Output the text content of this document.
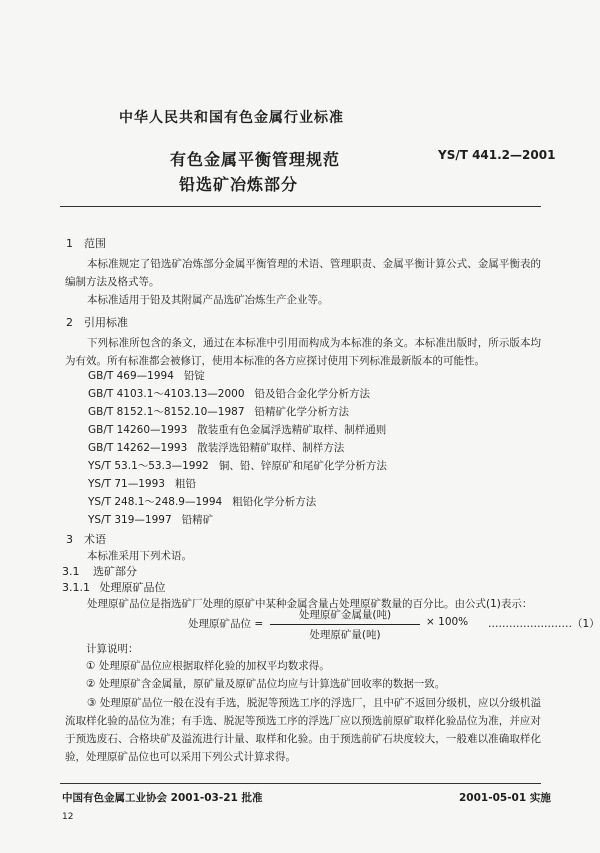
中华人民共和国有色金属行业标准
有色金属平衡管理规范
铅选矿冶炼部分
YS/T 441.2—2001
1 范围
本标准规定了铅选矿冶炼部分金属平衡管理的术语、管理职责、金属平衡计算公式、金属平衡表的编制方法及格式等。
本标准适用于铅及其附属产品选矿冶炼生产企业等。
2 引用标准
下列标准所包含的条文，通过在本标准中引用而构成为本标准的条文。本标准出版时，所示版本均为有效。所有标准都会被修订，使用本标准的各方应探讨使用下列标准最新版本的可能性。
GB/T 469—1994 铅锭
GB/T 4103.1～4103.13—2000 铅及铅合金化学分析方法
GB/T 8152.1～8152.10—1987 铅精矿化学分析方法
GB/T 14260—1993 散装重有色金属浮选精矿取样、制样通则
GB/T 14262—1993 散装浮选铅精矿取样、制样方法
YS/T 53.1～53.3—1992 铜、铅、锌原矿和尾矿化学分析方法
YS/T 71—1993 粗铅
YS/T 248.1～248.9—1994 粗铅化学分析方法
YS/T 319—1997 铅精矿
3 术语
本标准采用下列术语。
3.1 选矿部分
3.1.1 处理原矿品位
处理原矿品位是指选矿厂处理的原矿中某种金属含量占处理原矿数量的百分比。由公式(1)表示：
处理原矿品位 =
处理原矿金属量(吨)
处理原矿量(吨)
× 100% ……………………（1）
计算说明：
① 处理原矿品位应根据取样化验的加权平均数求得。
② 处理原矿含金属量，原矿量及原矿品位均应与计算选矿回收率的数据一致。
③ 处理原矿品位一般在没有手选，脱泥等预选工序的浮选厂，且中矿不返回分级机，应以分级机溢流取样化验的品位为准；有手选、脱泥等预选工序的浮选厂应以预选前原矿取样化验品位为准，并应对于预选废石、合格块矿及溢流进行计量、取样和化验。由于预选前矿石块度较大，一般难以准确取样化验，处理原矿品位也可以采用下列公式计算求得。
中国有色金属工业协会 2001-03-21 批准	2001-05-01 实施
12
